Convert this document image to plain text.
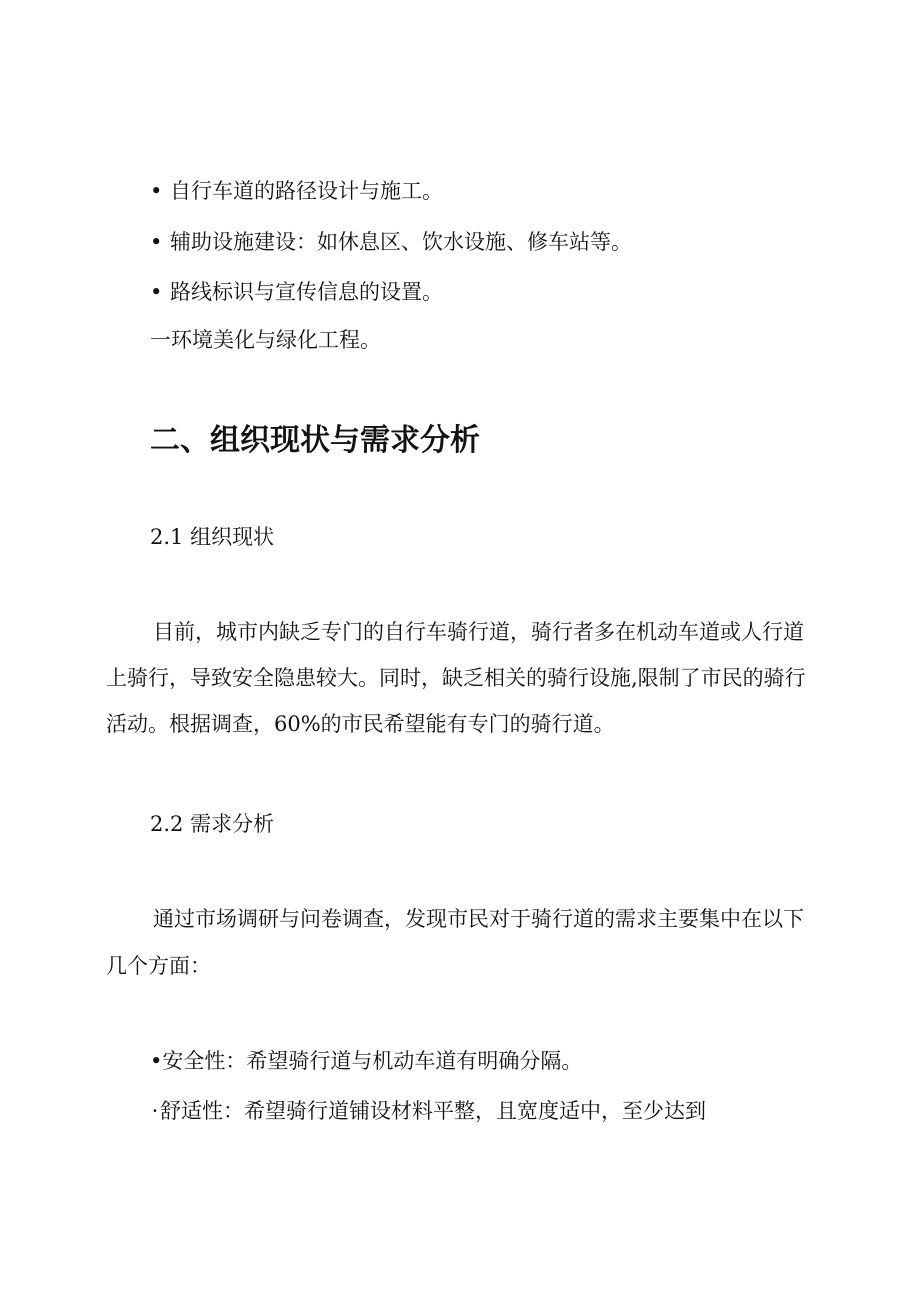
• 自行车道的路径设计与施工。
• 辅助设施建设：如休息区、饮水设施、修车站等。
• 路线标识与宣传信息的设置。
一环境美化与绿化工程。
二、组织现状与需求分析
2.1 组织现状
目前，城市内缺乏专门的自行车骑行道，骑行者多在机动车道或人行道
上骑行，导致安全隐患较大。同时，缺乏相关的骑行设施,限制了市民的骑行
活动。根据调查，60%的市民希望能有专门的骑行道。
2.2 需求分析
通过市场调研与问卷调查，发现市民对于骑行道的需求主要集中在以下
几个方面：
•安全性：希望骑行道与机动车道有明确分隔。
·舒适性：希望骑行道铺设材料平整，且宽度适中，至少达到
